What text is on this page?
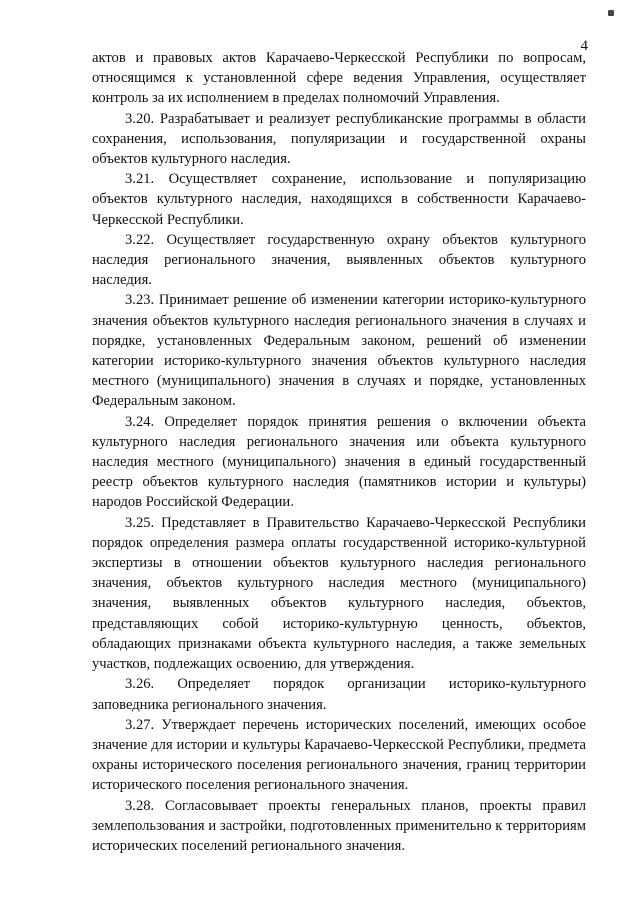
4

актов и правовых актов Карачаево-Черкесской Республики по вопросам, относящимся к установленной сфере ведения Управления, осуществляет контроль за их исполнением в пределах полномочий Управления.

3.20. Разрабатывает и реализует республиканские программы в области сохранения, использования, популяризации и государственной охраны объектов культурного наследия.

3.21. Осуществляет сохранение, использование и популяризацию объектов культурного наследия, находящихся в собственности Карачаево-Черкесской Республики.

3.22. Осуществляет государственную охрану объектов культурного наследия регионального значения, выявленных объектов культурного наследия.

3.23. Принимает решение об изменении категории историко-культурного значения объектов культурного наследия регионального значения в случаях и порядке, установленных Федеральным законом, решений об изменении категории историко-культурного значения объектов культурного наследия местного (муниципального) значения в случаях и порядке, установленных Федеральным законом.

3.24. Определяет порядок принятия решения о включении объекта культурного наследия регионального значения или объекта культурного наследия местного (муниципального) значения в единый государственный реестр объектов культурного наследия (памятников истории и культуры) народов Российской Федерации.

3.25. Представляет в Правительство Карачаево-Черкесской Республики порядок определения размера оплаты государственной историко-культурной экспертизы в отношении объектов культурного наследия регионального значения, объектов культурного наследия местного (муниципального) значения, выявленных объектов культурного наследия, объектов, представляющих собой историко-культурную ценность, объектов, обладающих признаками объекта культурного наследия, а также земельных участков, подлежащих освоению, для утверждения.

3.26. Определяет порядок организации историко-культурного заповедника регионального значения.

3.27. Утверждает перечень исторических поселений, имеющих особое значение для истории и культуры Карачаево-Черкесской Республики, предмета охраны исторического поселения регионального значения, границ территории исторического поселения регионального значения.

3.28. Согласовывает проекты генеральных планов, проекты правил землепользования и застройки, подготовленных применительно к территориям исторических поселений регионального значения.
